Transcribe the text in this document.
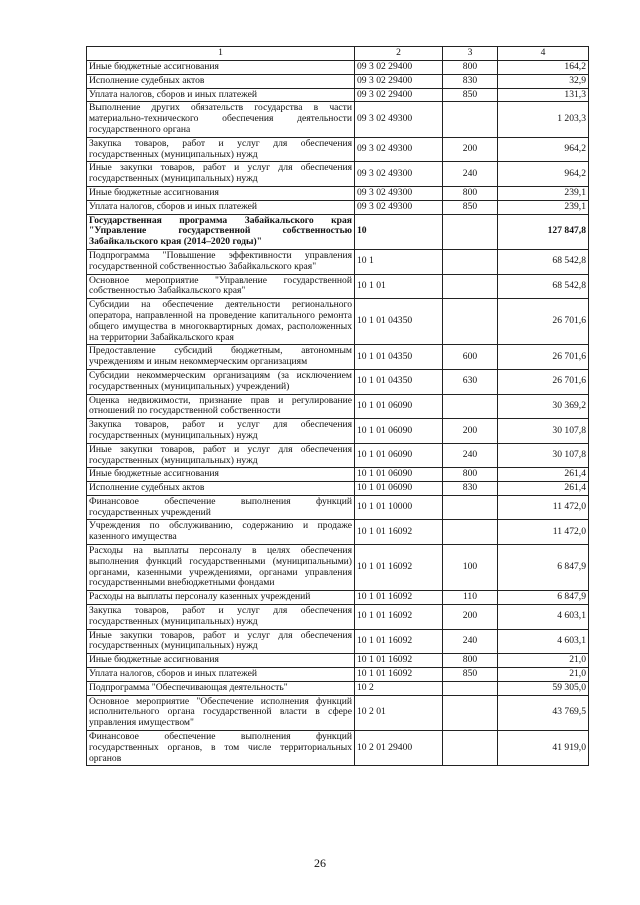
1	2	3	4
Иные бюджетные ассигнования	09 3 02 29400	800	164,2
Исполнение судебных актов	09 3 02 29400	830	32,9
Уплата налогов, сборов и иных платежей	09 3 02 29400	850	131,3
Выполнение других обязательств государства в части материально-технического обеспечения деятельности государственного органа	09 3 02 49300		1 203,3
Закупка товаров, работ и услуг для обеспечения государственных (муниципальных) нужд	09 3 02 49300	200	964,2
Иные закупки товаров, работ и услуг для обеспечения государственных (муниципальных) нужд	09 3 02 49300	240	964,2
Иные бюджетные ассигнования	09 3 02 49300	800	239,1
Уплата налогов, сборов и иных платежей	09 3 02 49300	850	239,1
Государственная программа Забайкальского края "Управление государственной собственностью Забайкальского края (2014–2020 годы)"	10		127 847,8
Подпрограмма "Повышение эффективности управления государственной собственностью Забайкальского края"	10 1		68 542,8
Основное мероприятие "Управление государственной собственностью Забайкальского края"	10 1 01		68 542,8
Субсидии на обеспечение деятельности регионального оператора, направленной на проведение капитального ремонта общего имущества в многоквартирных домах, расположенных на территории Забайкальского края	10 1 01 04350		26 701,6
Предоставление субсидий бюджетным, автономным учреждениям и иным некоммерческим организациям	10 1 01 04350	600	26 701,6
Субсидии некоммерческим организациям (за исключением государственных (муниципальных) учреждений)	10 1 01 04350	630	26 701,6
Оценка недвижимости, признание прав и регулирование отношений по государственной собственности	10 1 01 06090		30 369,2
Закупка товаров, работ и услуг для обеспечения государственных (муниципальных) нужд	10 1 01 06090	200	30 107,8
Иные закупки товаров, работ и услуг для обеспечения государственных (муниципальных) нужд	10 1 01 06090	240	30 107,8
Иные бюджетные ассигнования	10 1 01 06090	800	261,4
Исполнение судебных актов	10 1 01 06090	830	261,4
Финансовое обеспечение выполнения функций государственных учреждений	10 1 01 10000		11 472,0
Учреждения по обслуживанию, содержанию и продаже казенного имущества	10 1 01 16092		11 472,0
Расходы на выплаты персоналу в целях обеспечения выполнения функций государственными (муниципальными) органами, казенными учреждениями, органами управления государственными внебюджетными фондами	10 1 01 16092	100	6 847,9
Расходы на выплаты персоналу казенных учреждений	10 1 01 16092	110	6 847,9
Закупка товаров, работ и услуг для обеспечения государственных (муниципальных) нужд	10 1 01 16092	200	4 603,1
Иные закупки товаров, работ и услуг для обеспечения государственных (муниципальных) нужд	10 1 01 16092	240	4 603,1
Иные бюджетные ассигнования	10 1 01 16092	800	21,0
Уплата налогов, сборов и иных платежей	10 1 01 16092	850	21,0
Подпрограмма "Обеспечивающая деятельность"	10 2		59 305,0
Основное мероприятие "Обеспечение исполнения функций исполнительного органа государственной власти в сфере управления имуществом"	10 2 01		43 769,5
Финансовое обеспечение выполнения функций государственных органов, в том числе территориальных органов	10 2 01 29400		41 919,0
26
